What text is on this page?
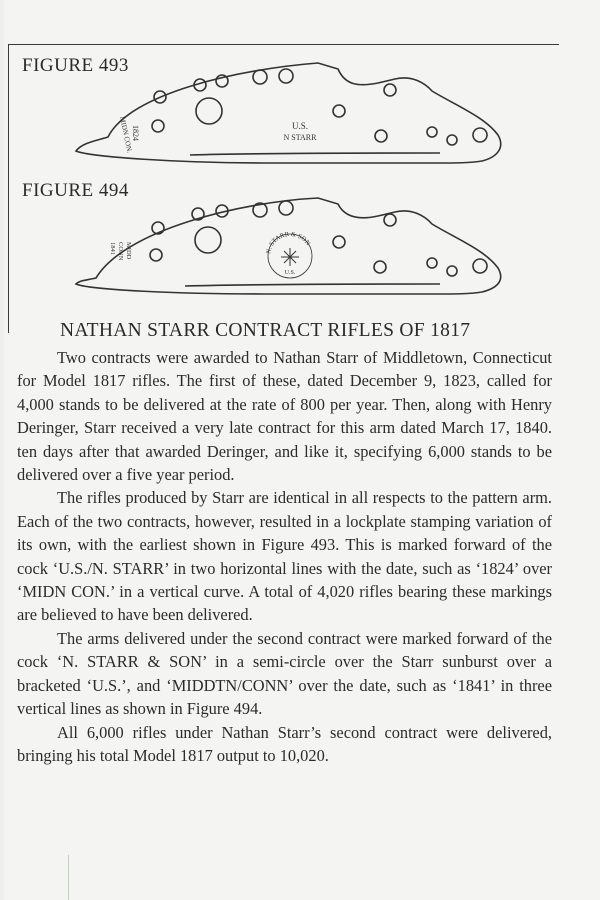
FIGURE 493
U.S.
N STARR
1824
MIDN CON.
FIGURE 494
N. STARR & SON
U.S.
MIDD
CONN
1841
NATHAN STARR CONTRACT RIFLES OF 1817

Two contracts were awarded to Nathan Starr of Middletown, Connecticut for Model 1817 rifles. The first of these, dated December 9, 1823, called for 4,000 stands to be delivered at the rate of 800 per year. Then, along with Henry Deringer, Starr received a very late contract for this arm dated March 17, 1840. ten days after that awarded Deringer, and like it, specifying 6,000 stands to be delivered over a five year period.

The rifles produced by Starr are identical in all respects to the pattern arm. Each of the two contracts, however, resulted in a lockplate stamping variation of its own, with the earliest shown in Figure 493. This is marked forward of the cock ‘U.S./N. STARR’ in two horizontal lines with the date, such as ‘1824’ over ‘MIDN CON.’ in a vertical curve. A total of 4,020 rifles bearing these markings are believed to have been delivered.

The arms delivered under the second contract were marked forward of the cock ‘N. STARR & SON’ in a semi-circle over the Starr sunburst over a bracketed ‘U.S.’, and ‘MIDDTN/CONN’ over the date, such as ‘1841’ in three vertical lines as shown in Figure 494.

All 6,000 rifles under Nathan Starr’s second contract were delivered, bringing his total Model 1817 output to 10,020.
